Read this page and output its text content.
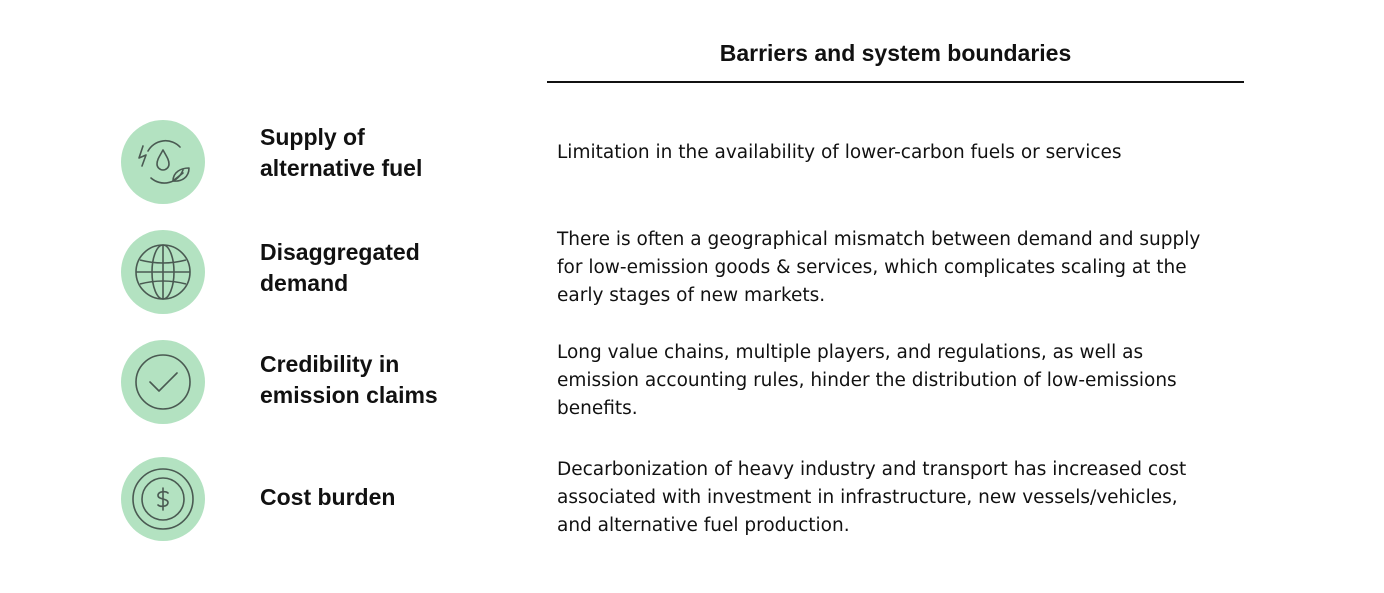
Barriers and system boundaries
Supply of
alternative fuel
Limitation in the availability of lower-carbon fuels or services
Disaggregated
demand
There is often a geographical mismatch between demand and supply
for low-emission goods & services, which complicates scaling at the
early stages of new markets.
Credibility in
emission claims
Long value chains, multiple players, and regulations, as well as
emission accounting rules, hinder the distribution of low-emissions
benefits.
Cost burden
Decarbonization of heavy industry and transport has increased cost
associated with investment in infrastructure, new vessels/vehicles,
and alternative fuel production.
